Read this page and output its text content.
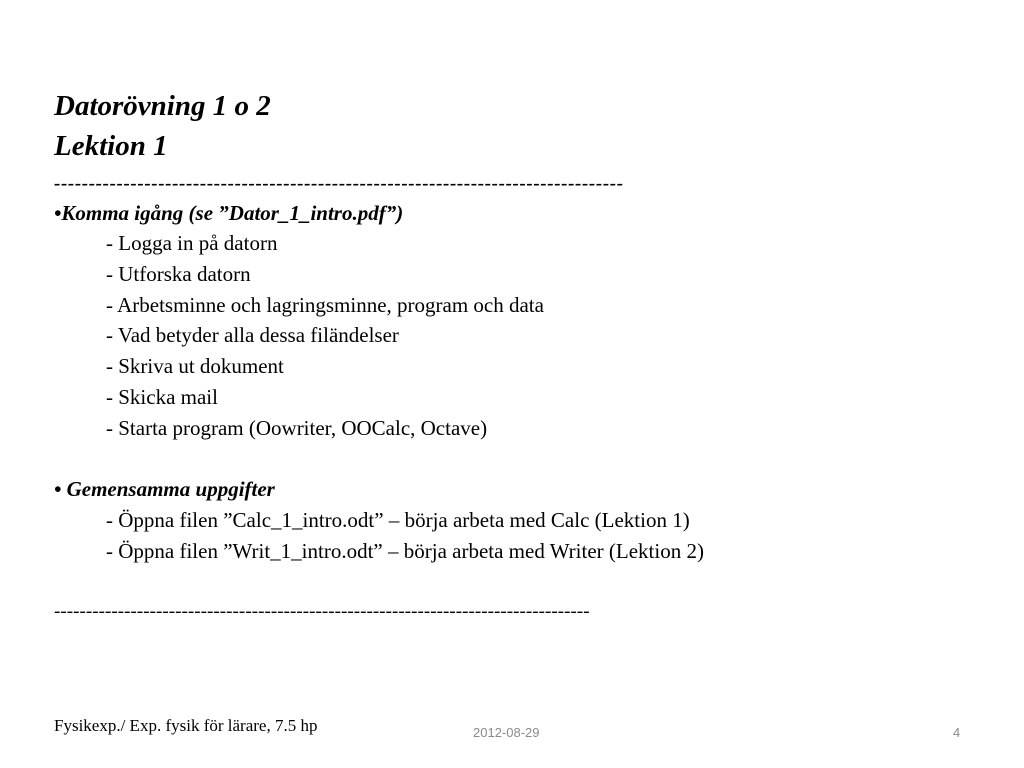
Datorövning 1 o 2
Lektion 1
----------------------------------------------------------------------------------
•Komma igång (se ”Dator_1_intro.pdf”)
- Logga in på datorn
- Utforska datorn
- Arbetsminne och lagringsminne, program och data
- Vad betyder alla dessa filändelser
- Skriva ut dokument
- Skicka mail
- Starta program (Oowriter, OOCalc, Octave)
• Gemensamma uppgifter
- Öppna filen ”Calc_1_intro.odt” – börja arbeta med Calc (Lektion 1)
- Öppna filen ”Writ_1_intro.odt” – börja arbeta med Writer (Lektion 2)
------------------------------------------------------------------------------------
Fysikexp./ Exp. fysik för lärare, 7.5 hp	2012-08-29	4
